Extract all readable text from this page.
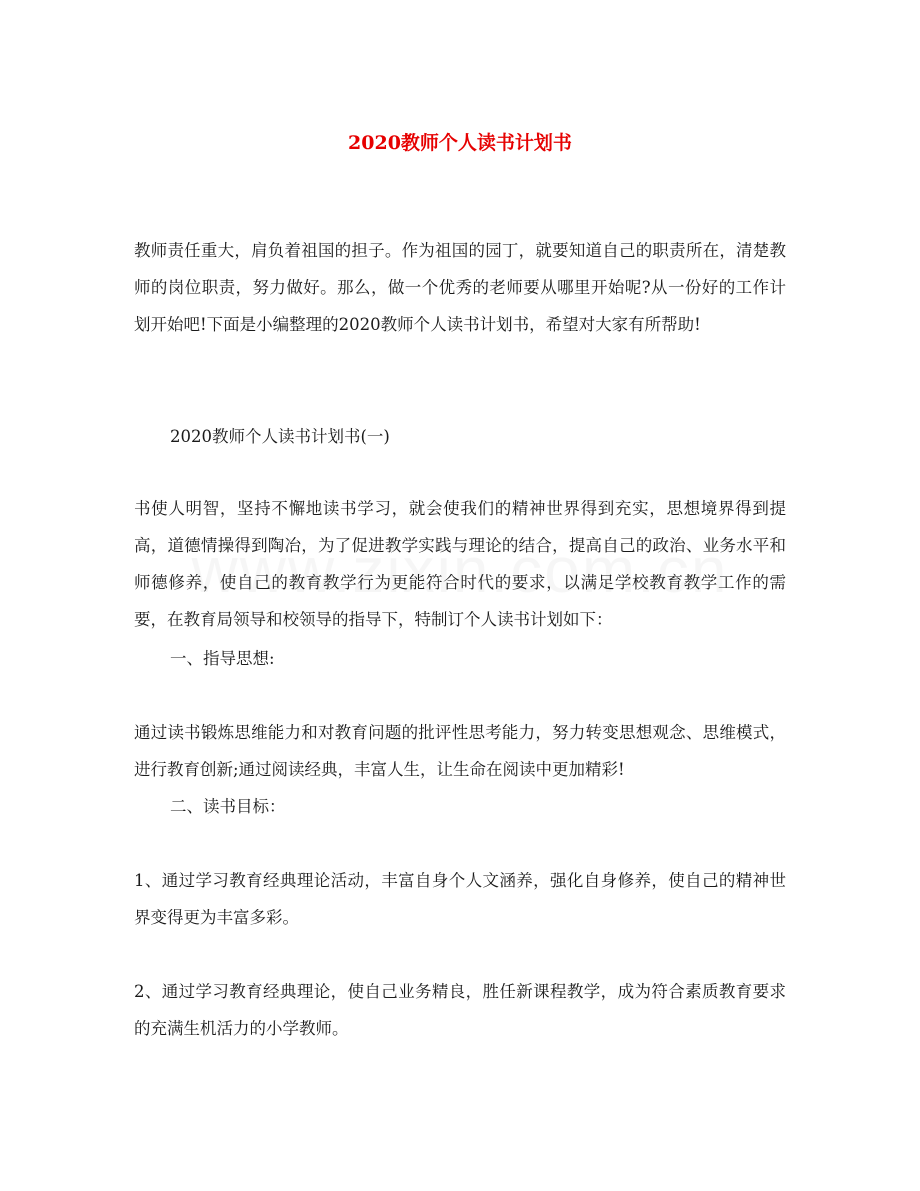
2020教师个人读书计划书

教师责任重大，肩负着祖国的担子。作为祖国的园丁，就要知道自己的职责所在，清楚教师的岗位职责，努力做好。那么，做一个优秀的老师要从哪里开始呢?从一份好的工作计划开始吧!下面是小编整理的2020教师个人读书计划书，希望对大家有所帮助!

2020教师个人读书计划书(一)

书使人明智，坚持不懈地读书学习，就会使我们的精神世界得到充实，思想境界得到提高，道德情操得到陶冶，为了促进教学实践与理论的结合，提高自己的政治、业务水平和师德修养，使自己的教育教学行为更能符合时代的要求，以满足学校教育教学工作的需要，在教育局领导和校领导的指导下，特制订个人读书计划如下：

一、指导思想:

通过读书锻炼思维能力和对教育问题的批评性思考能力，努力转变思想观念、思维模式，进行教育创新;通过阅读经典，丰富人生，让生命在阅读中更加精彩!

二、读书目标：

1、通过学习教育经典理论活动，丰富自身个人文涵养，强化自身修养，使自己的精神世界变得更为丰富多彩。

2、通过学习教育经典理论，使自己业务精良，胜任新课程教学，成为符合素质教育要求的充满生机活力的小学教师。
